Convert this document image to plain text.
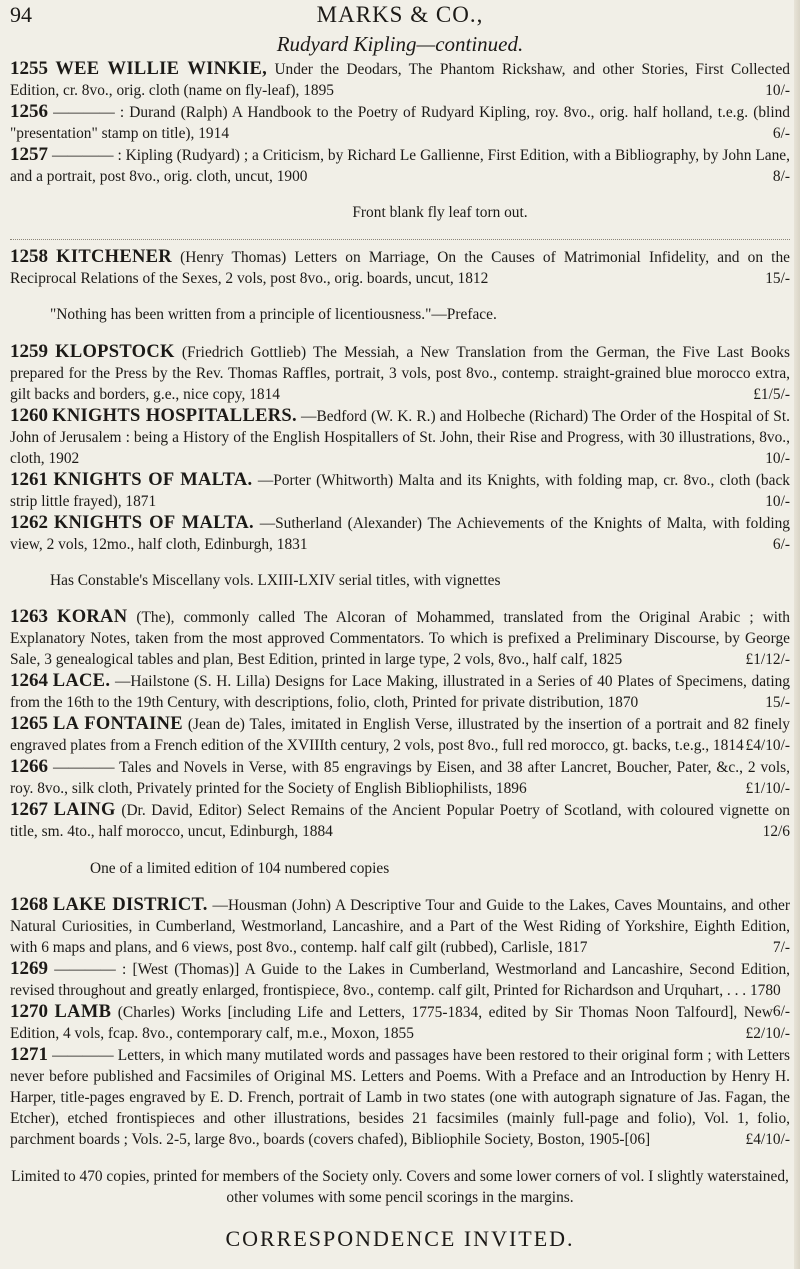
94	MARKS & CO.,
Rudyard Kipling—continued.

1255 WEE WILLIE WINKIE, Under the Deodars, The Phantom Rickshaw, and other Stories, First Collected Edition, cr. 8vo., orig. cloth (name on fly-leaf), 1895	10/-

1256 ———— : Durand (Ralph) A Handbook to the Poetry of Rudyard Kipling, roy. 8vo., orig. half holland, t.e.g. (blind "presentation" stamp on title), 1914	6/-

1257 ———— : Kipling (Rudyard) ; a Criticism, by Richard Le Gallienne, First Edition, with a Bibliography, by John Lane, and a portrait, post 8vo., orig. cloth, uncut, 1900	8/-

Front blank fly leaf torn out.

1258 KITCHENER (Henry Thomas) Letters on Marriage, On the Causes of Matrimonial Infidelity, and on the Reciprocal Relations of the Sexes, 2 vols, post 8vo., orig. boards, uncut, 1812	15/-

"Nothing has been written from a principle of licentiousness."—Preface.

1259 KLOPSTOCK (Friedrich Gottlieb) The Messiah, a New Translation from the German, the Five Last Books prepared for the Press by the Rev. Thomas Raffles, portrait, 3 vols, post 8vo., contemp. straight-grained blue morocco extra, gilt backs and borders, g.e., nice copy, 1814	£1/5/-

1260 KNIGHTS HOSPITALLERS. —Bedford (W. K. R.) and Holbeche (Richard) The Order of the Hospital of St. John of Jerusalem : being a History of the English Hospitallers of St. John, their Rise and Progress, with 30 illustrations, 8vo., cloth, 1902	10/-

1261 KNIGHTS OF MALTA. —Porter (Whitworth) Malta and its Knights, with folding map, cr. 8vo., cloth (back strip little frayed), 1871	10/-

1262 KNIGHTS OF MALTA. —Sutherland (Alexander) The Achievements of the Knights of Malta, with folding view, 2 vols, 12mo., half cloth, Edinburgh, 1831	6/-

Has Constable's Miscellany vols. LXIII-LXIV serial titles, with vignettes

1263 KORAN (The), commonly called The Alcoran of Mohammed, translated from the Original Arabic ; with Explanatory Notes, taken from the most approved Commentators. To which is prefixed a Preliminary Discourse, by George Sale, 3 genealogical tables and plan, Best Edition, printed in large type, 2 vols, 8vo., half calf, 1825	£1/12/-

1264 LACE. —Hailstone (S. H. Lilla) Designs for Lace Making, illustrated in a Series of 40 Plates of Specimens, dating from the 16th to the 19th Century, with descriptions, folio, cloth, Printed for private distribution, 1870	15/-

1265 LA FONTAINE (Jean de) Tales, imitated in English Verse, illustrated by the insertion of a portrait and 82 finely engraved plates from a French edition of the XVIIIth century, 2 vols, post 8vo., full red morocco, gt. backs, t.e.g., 1814 £4/10/-

1266 ———— Tales and Novels in Verse, with 85 engravings by Eisen, and 38 after Lancret, Boucher, Pater, &c., 2 vols, roy. 8vo., silk cloth, Privately printed for the Society of English Bibliophilists, 1896	£1/10/-

1267 LAING (Dr. David, Editor) Select Remains of the Ancient Popular Poetry of Scotland, with coloured vignette on title, sm. 4to., half morocco, uncut, Edinburgh, 1884	12/6

One of a limited edition of 104 numbered copies

1268 LAKE DISTRICT. —Housman (John) A Descriptive Tour and Guide to the Lakes, Caves Mountains, and other Natural Curiosities, in Cumberland, Westmorland, Lancashire, and a Part of the West Riding of Yorkshire, Eighth Edition, with 6 maps and plans, and 6 views, post 8vo., contemp. half calf gilt (rubbed), Carlisle, 1817	7/-

1269 ———— : [West (Thomas)] A Guide to the Lakes in Cumberland, Westmorland and Lancashire, Second Edition, revised throughout and greatly enlarged, frontispiece, 8vo., contemp. calf gilt, Printed for Richardson and Urquhart, . . . 1780
6/-

1270 LAMB (Charles) Works [including Life and Letters, 1775-1834, edited by Sir Thomas Noon Talfourd], New Edition, 4 vols, fcap. 8vo., contemporary calf, m.e., Moxon, 1855	£2/10/-

1271 ———— Letters, in which many mutilated words and passages have been restored to their original form ; with Letters never before published and Facsimiles of Original MS. Letters and Poems. With a Preface and an Introduction by Henry H. Harper, title-pages engraved by E. D. French, portrait of Lamb in two states (one with autograph signature of Jas. Fagan, the Etcher), etched frontispieces and other illustrations, besides 21 facsimiles (mainly full-page and folio), Vol. 1, folio, parchment boards ; Vols. 2-5, large 8vo., boards (covers chafed), Bibliophile Society, Boston, 1905-[06]	£4/10/-

Limited to 470 copies, printed for members of the Society only. Covers and some lower corners of vol. I slightly waterstained, other volumes with some pencil scorings in the margins.

CORRESPONDENCE INVITED.
